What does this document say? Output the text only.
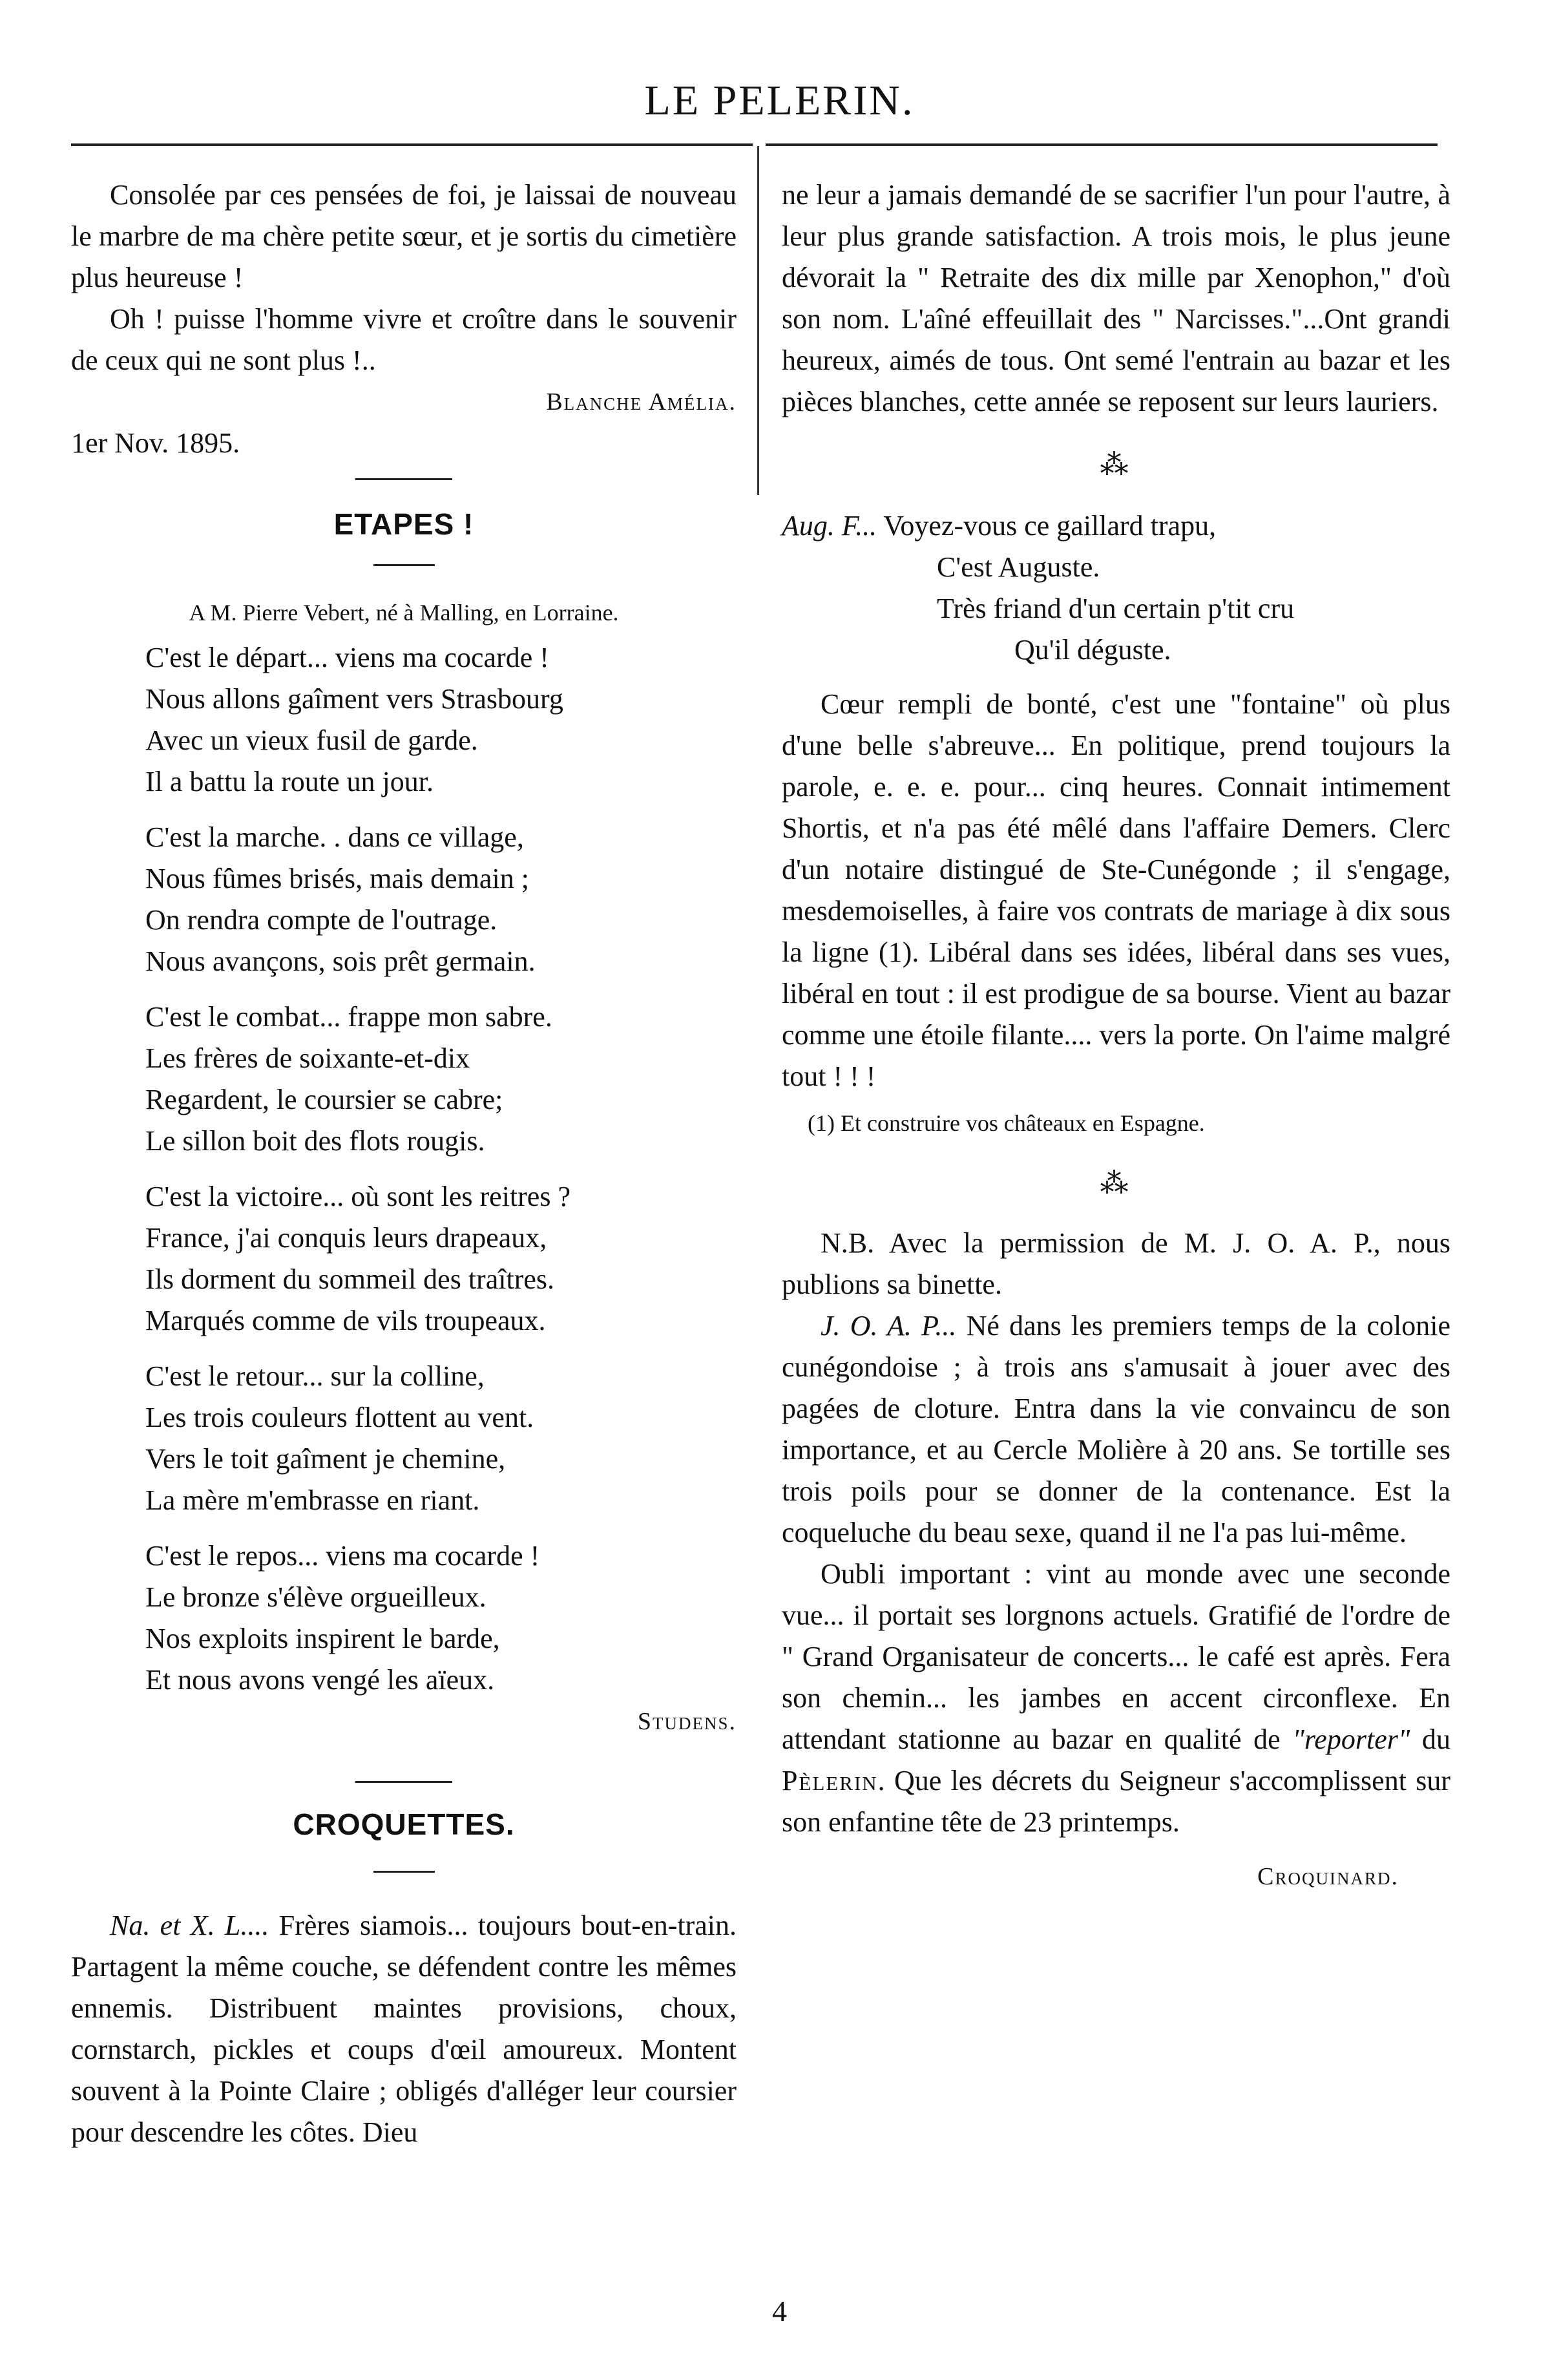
LE PELERIN.

Consolée par ces pensées de foi, je laissai de nouveau le marbre de ma chère petite sœur, et je sortis du cimetière plus heureuse !

Oh ! puisse l'homme vivre et croître dans le souvenir de ceux qui ne sont plus !..

Blanche Amélia.
1er Nov. 1895.
ETAPES !
A M. Pierre Vebert, né à Malling, en Lorraine.
C'est le départ... viens ma cocarde !
Nous allons gaîment vers Strasbourg
Avec un vieux fusil de garde.
Il a battu la route un jour.
C'est la marche. . dans ce village,
Nous fûmes brisés, mais demain ;
On rendra compte de l'outrage.
Nous avançons, sois prêt germain.
C'est le combat... frappe mon sabre.
Les frères de soixante-et-dix
Regardent, le coursier se cabre;
Le sillon boit des flots rougis.
C'est la victoire... où sont les reitres ?
France, j'ai conquis leurs drapeaux,
Ils dorment du sommeil des traîtres.
Marqués comme de vils troupeaux.
C'est le retour... sur la colline,
Les trois couleurs flottent au vent.
Vers le toit gaîment je chemine,
La mère m'embrasse en riant.
C'est le repos... viens ma cocarde !
Le bronze s'élève orgueilleux.
Nos exploits inspirent le barde,
Et nous avons vengé les aïeux.
Studens.
CROQUETTES.

Na. et X. L.... Frères siamois... toujours bout-en-train. Partagent la même couche, se défendent contre les mêmes ennemis. Distribuent maintes provisions, choux, cornstarch, pickles et coups d'œil amoureux. Montent souvent à la Pointe Claire ; obligés d'alléger leur coursier pour descendre les côtes. Dieu

ne leur a jamais demandé de se sacrifier l'un pour l'autre, à leur plus grande satisfaction. A trois mois, le plus jeune dévorait la " Retraite des dix mille par Xenophon," d'où son nom. L'aîné effeuillait des " Narcisses."...Ont grandi heureux, aimés de tous. Ont semé l'entrain au bazar et les pièces blanches, cette année se reposent sur leurs lauriers.

⁂
Aug. F... Voyez-vous ce gaillard trapu,
C'est Auguste.
Très friand d'un certain p'tit cru
Qu'il déguste.

Cœur rempli de bonté, c'est une "fontaine" où plus d'une belle s'abreuve... En politique, prend toujours la parole, e. e. e. pour... cinq heures. Connait intimement Shortis, et n'a pas été mêlé dans l'affaire Demers. Clerc d'un notaire distingué de Ste-Cunégonde ; il s'engage, mesdemoiselles, à faire vos contrats de mariage à dix sous la ligne (1). Libéral dans ses idées, libéral dans ses vues, libéral en tout : il est prodigue de sa bourse. Vient au bazar comme une étoile filante.... vers la porte. On l'aime malgré tout ! ! !

(1) Et construire vos châteaux en Espagne.
⁂

N.B. Avec la permission de M. J. O. A. P., nous publions sa binette.

J. O. A. P... Né dans les premiers temps de la colonie cunégondoise ; à trois ans s'amusait à jouer avec des pagées de cloture. Entra dans la vie convaincu de son importance, et au Cercle Molière à 20 ans. Se tortille ses trois poils pour se donner de la contenance. Est la coqueluche du beau sexe, quand il ne l'a pas lui-même.

Oubli important : vint au monde avec une seconde vue... il portait ses lorgnons actuels. Gratifié de l'ordre de " Grand Organisateur de concerts... le café est après. Fera son chemin... les jambes en accent circonflexe. En attendant stationne au bazar en qualité de "reporter" du Pèlerin. Que les décrets du Seigneur s'accomplissent sur son enfantine tête de 23 printemps.

Croquinard.
4
